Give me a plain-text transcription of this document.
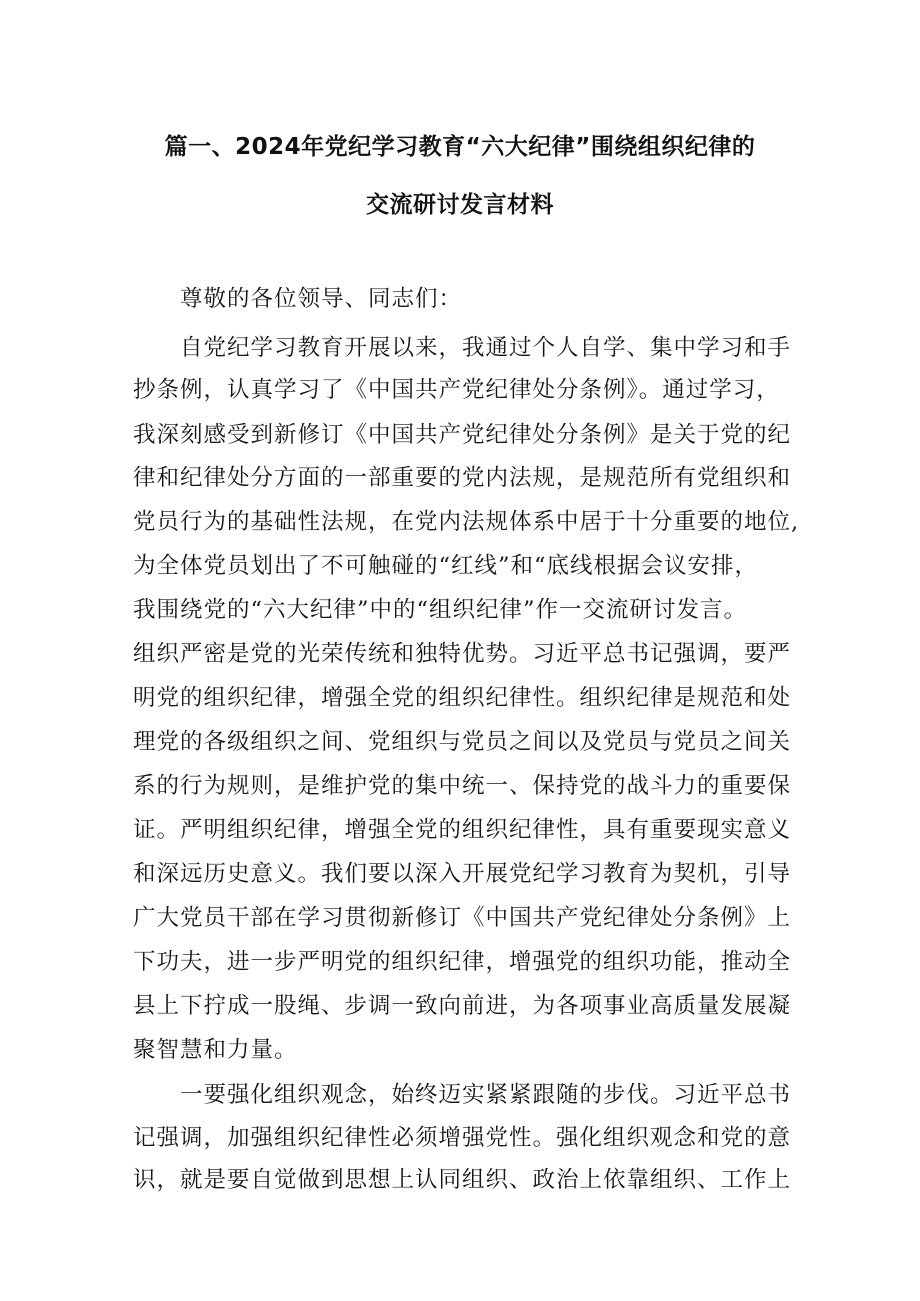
篇一、2024年党纪学习教育“六大纪律”围绕组织纪律的
交流研讨发言材料
尊敬的各位领导、同志们：
自党纪学习教育开展以来，我通过个人自学、集中学习和手
抄条例，认真学习了《中国共产党纪律处分条例》。通过学习，
我深刻感受到新修订《中国共产党纪律处分条例》是关于党的纪
律和纪律处分方面的一部重要的党内法规，是规范所有党组织和
党员行为的基础性法规，在党内法规体系中居于十分重要的地位,
为全体党员划出了不可触碰的“红线”和“底线根据会议安排，
我围绕党的“六大纪律”中的“组织纪律”作一交流研讨发言。
组织严密是党的光荣传统和独特优势。习近平总书记强调，要严
明党的组织纪律，增强全党的组织纪律性。组织纪律是规范和处
理党的各级组织之间、党组织与党员之间以及党员与党员之间关
系的行为规则，是维护党的集中统一、保持党的战斗力的重要保
证。严明组织纪律，增强全党的组织纪律性，具有重要现实意义
和深远历史意义。我们要以深入开展党纪学习教育为契机，引导
广大党员干部在学习贯彻新修订《中国共产党纪律处分条例》上
下功夫，进一步严明党的组织纪律，增强党的组织功能，推动全
县上下拧成一股绳、步调一致向前进，为各项事业高质量发展凝
聚智慧和力量。
一要强化组织观念，始终迈实紧紧跟随的步伐。习近平总书
记强调，加强组织纪律性必须增强党性。强化组织观念和党的意
识，就是要自觉做到思想上认同组织、政治上依靠组织、工作上
